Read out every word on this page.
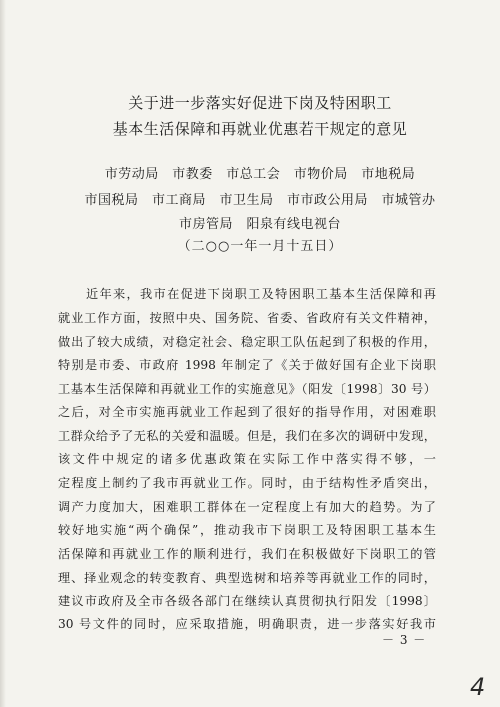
关于进一步落实好促进下岗及特困职工
基本生活保障和再就业优惠若干规定的意见
市劳动局　市教委　市总工会　市物价局　市地税局
市国税局　市工商局　市卫生局　市市政公用局　市城管办
市房管局　阳泉有线电视台
（二○○一年一月十五日）
近年来，我市在促进下岗职工及特困职工基本生活保障和再
就业工作方面，按照中央、国务院、省委、省政府有关文件精神，
做出了较大成绩，对稳定社会、稳定职工队伍起到了积极的作用，
特别是市委、市政府 1998 年制定了《关于做好国有企业下岗职
工基本生活保障和再就业工作的实施意见》（阳发〔1998〕30 号）
之后，对全市实施再就业工作起到了很好的指导作用，对困难职
工群众给予了无私的关爱和温暖。但是，我们在多次的调研中发现，
该文件中规定的诸多优惠政策在实际工作中落实得不够，一
定程度上制约了我市再就业工作。同时，由于结构性矛盾突出，
调产力度加大，困难职工群体在一定程度上有加大的趋势。为了
较好地实施“两个确保”，推动我市下岗职工及特困职工基本生
活保障和再就业工作的顺利进行，我们在积极做好下岗职工的管
理、择业观念的转变教育、典型选树和培养等再就业工作的同时，
建议市政府及全市各级各部门在继续认真贯彻执行阳发〔1998〕
30 号文件的同时，应采取措施，明确职责，进一步落实好我市
－ 3 －
4
